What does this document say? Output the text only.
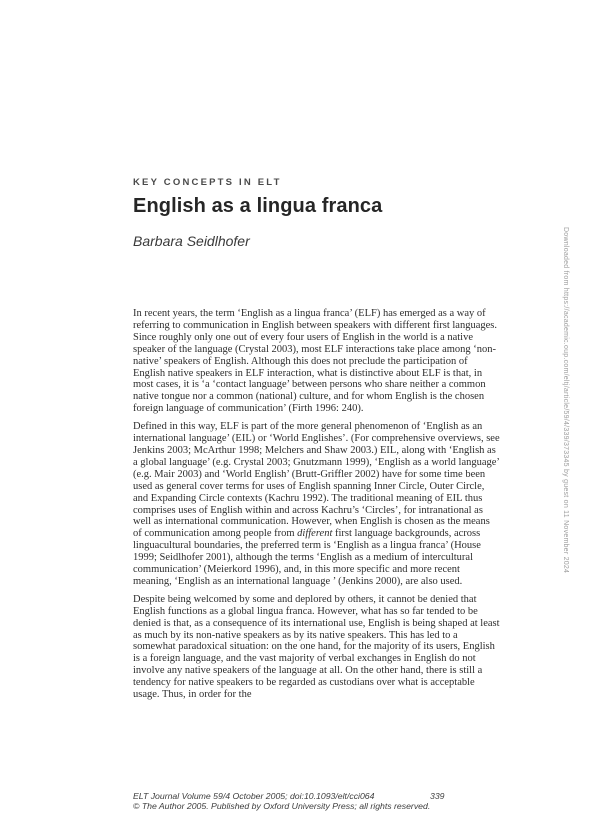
KEY CONCEPTS IN ELT
English as a lingua franca
Barbara Seidlhofer

In recent years, the term ‘English as a lingua franca’ (ELF) has emerged as a way of referring to communication in English between speakers with different first languages. Since roughly only one out of every four users of English in the world is a native speaker of the language (Crystal 2003), most ELF interactions take place among ‘non-native’ speakers of English. Although this does not preclude the participation of English native speakers in ELF interaction, what is distinctive about ELF is that, in most cases, it is ‘a ‘contact language’ between persons who share neither a common native tongue nor a common (national) culture, and for whom English is the chosen foreign language of communication’ (Firth 1996: 240).

Defined in this way, ELF is part of the more general phenomenon of ‘English as an international language’ (EIL) or ‘World Englishes’. (For comprehensive overviews, see Jenkins 2003; McArthur 1998; Melchers and Shaw 2003.) EIL, along with ‘English as a global language’ (e.g. Crystal 2003; Gnutzmann 1999), ‘English as a world language’ (e.g. Mair 2003) and ‘World English’ (Brutt-Griffler 2002) have for some time been used as general cover terms for uses of English spanning Inner Circle, Outer Circle, and Expanding Circle contexts (Kachru 1992). The traditional meaning of EIL thus comprises uses of English within and across Kachru’s ‘Circles’, for intranational as well as international communication. However, when English is chosen as the means of communication among people from different first language backgrounds, across linguacultural boundaries, the preferred term is ‘English as a lingua franca’ (House 1999; Seidlhofer 2001), although the terms ‘English as a medium of intercultural communication’ (Meierkord 1996), and, in this more specific and more recent meaning, ‘English as an international language ’ (Jenkins 2000), are also used.

Despite being welcomed by some and deplored by others, it cannot be denied that English functions as a global lingua franca. However, what has so far tended to be denied is that, as a consequence of its international use, English is being shaped at least as much by its non-native speakers as by its native speakers. This has led to a somewhat paradoxical situation: on the one hand, for the majority of its users, English is a foreign language, and the vast majority of verbal exchanges in English do not involve any native speakers of the language at all. On the other hand, there is still a tendency for native speakers to be regarded as custodians over what is acceptable usage. Thus, in order for the

ELT Journal Volume 59/4 October 2005; doi:10.1093/elt/cci064	339
© The Author 2005. Published by Oxford University Press; all rights reserved.
Downloaded from https://academic.oup.com/eltj/article/59/4/339/373345 by guest on 11 November 2024
